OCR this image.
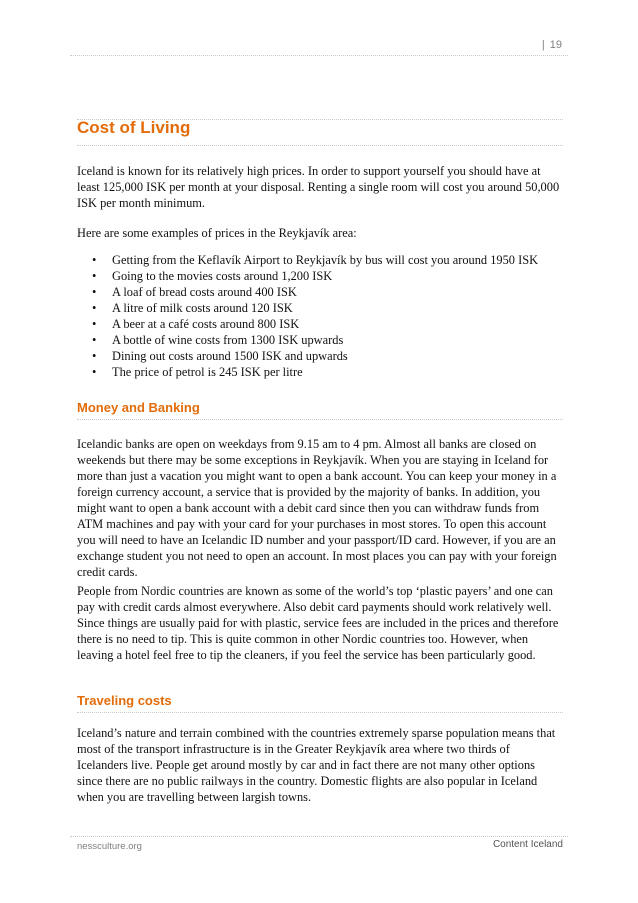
| 19
Cost of Living

Iceland is known for its relatively high prices. In order to support yourself you should have at least 125,000 ISK per month at your disposal. Renting a single room will cost you around 50,000 ISK per month minimum.

Here are some examples of prices in the Reykjavík area:

• Getting from the Keflavík Airport to Reykjavík by bus will cost you around 1950 ISK
• Going to the movies costs around 1,200 ISK
• A loaf of bread costs around 400 ISK
• A litre of milk costs around 120 ISK
• A beer at a café costs around 800 ISK
• A bottle of wine costs from 1300 ISK upwards
• Dining out costs around 1500 ISK and upwards
• The price of petrol is 245 ISK per litre
Money and Banking

Icelandic banks are open on weekdays from 9.15 am to 4 pm. Almost all banks are closed on weekends but there may be some exceptions in Reykjavík. When you are staying in Iceland for more than just a vacation you might want to open a bank account. You can keep your money in a foreign currency account, a service that is provided by the majority of banks. In addition, you might want to open a bank account with a debit card since then you can withdraw funds from ATM machines and pay with your card for your purchases in most stores. To open this account you will need to have an Icelandic ID number and your passport/ID card. However, if you are an exchange student you not need to open an account. In most places you can pay with your foreign credit cards.

People from Nordic countries are known as some of the world’s top ‘plastic payers’ and one can pay with credit cards almost everywhere. Also debit card payments should work relatively well. Since things are usually paid for with plastic, service fees are included in the prices and therefore there is no need to tip. This is quite common in other Nordic countries too. However, when leaving a hotel feel free to tip the cleaners, if you feel the service has been particularly good.

Traveling costs

Iceland’s nature and terrain combined with the countries extremely sparse population means that most of the transport infrastructure is in the Greater Reykjavík area where two thirds of Icelanders live. People get around mostly by car and in fact there are not many other options since there are no public railways in the country. Domestic flights are also popular in Iceland when you are travelling between largish towns.

nessculture.org	Content Iceland
